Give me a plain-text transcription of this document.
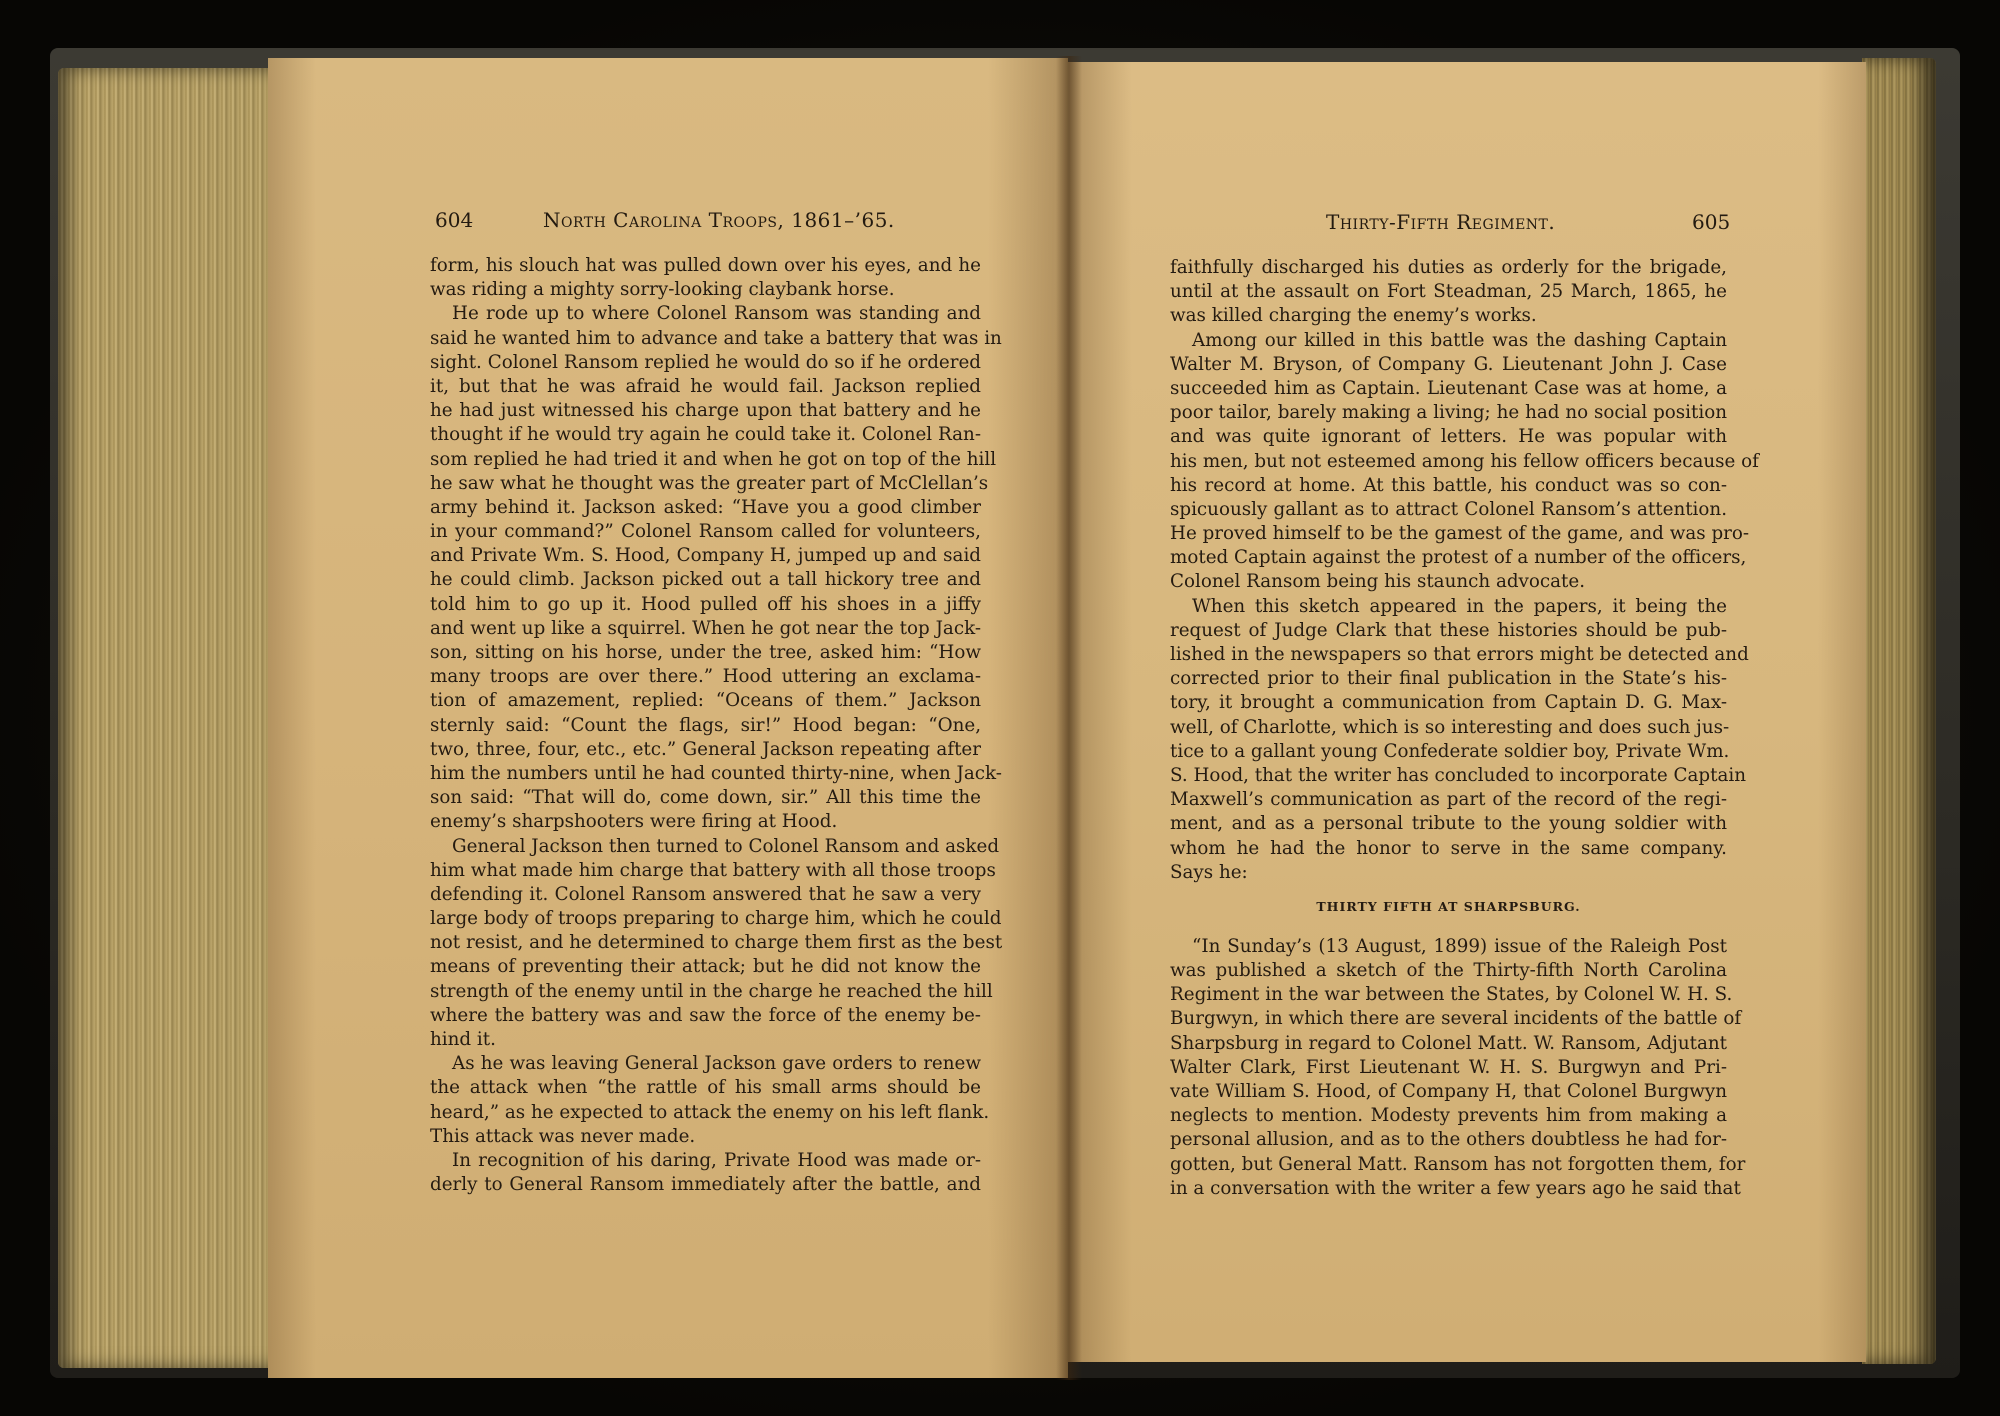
604	North Carolina Troops, 1861–’65.
form, his slouch hat was pulled down over his eyes, and he
was riding a mighty sorry-looking claybank horse.
He rode up to where Colonel Ransom was standing and
said he wanted him to advance and take a battery that was in
sight. Colonel Ransom replied he would do so if he ordered
it, but that he was afraid he would fail. Jackson replied
he had just witnessed his charge upon that battery and he
thought if he would try again he could take it. Colonel Ran-
som replied he had tried it and when he got on top of the hill
he saw what he thought was the greater part of McClellan’s
army behind it. Jackson asked: “Have you a good climber
in your command?” Colonel Ransom called for volunteers,
and Private Wm. S. Hood, Company H, jumped up and said
he could climb. Jackson picked out a tall hickory tree and
told him to go up it. Hood pulled off his shoes in a jiffy
and went up like a squirrel. When he got near the top Jack-
son, sitting on his horse, under the tree, asked him: “How
many troops are over there.” Hood uttering an exclama-
tion of amazement, replied: “Oceans of them.” Jackson
sternly said: “Count the flags, sir!” Hood began: “One,
two, three, four, etc., etc.” General Jackson repeating after
him the numbers until he had counted thirty-nine, when Jack-
son said: “That will do, come down, sir.” All this time the
enemy’s sharpshooters were firing at Hood.
General Jackson then turned to Colonel Ransom and asked
him what made him charge that battery with all those troops
defending it. Colonel Ransom answered that he saw a very
large body of troops preparing to charge him, which he could
not resist, and he determined to charge them first as the best
means of preventing their attack; but he did not know the
strength of the enemy until in the charge he reached the hill
where the battery was and saw the force of the enemy be-
hind it.
As he was leaving General Jackson gave orders to renew
the attack when “the rattle of his small arms should be
heard,” as he expected to attack the enemy on his left flank.
This attack was never made.
In recognition of his daring, Private Hood was made or-
derly to General Ransom immediately after the battle, and
Thirty-Fifth Regiment.	605
faithfully discharged his duties as orderly for the brigade,
until at the assault on Fort Steadman, 25 March, 1865, he
was killed charging the enemy’s works.
Among our killed in this battle was the dashing Captain
Walter M. Bryson, of Company G. Lieutenant John J. Case
succeeded him as Captain. Lieutenant Case was at home, a
poor tailor, barely making a living; he had no social position
and was quite ignorant of letters. He was popular with
his men, but not esteemed among his fellow officers because of
his record at home. At this battle, his conduct was so con-
spicuously gallant as to attract Colonel Ransom’s attention.
He proved himself to be the gamest of the game, and was pro-
moted Captain against the protest of a number of the officers,
Colonel Ransom being his staunch advocate.
When this sketch appeared in the papers, it being the
request of Judge Clark that these histories should be pub-
lished in the newspapers so that errors might be detected and
corrected prior to their final publication in the State’s his-
tory, it brought a communication from Captain D. G. Max-
well, of Charlotte, which is so interesting and does such jus-
tice to a gallant young Confederate soldier boy, Private Wm.
S. Hood, that the writer has concluded to incorporate Captain
Maxwell’s communication as part of the record of the regi-
ment, and as a personal tribute to the young soldier with
whom he had the honor to serve in the same company.
Says he:
THIRTY FIFTH AT SHARPSBURG.
“In Sunday’s (13 August, 1899) issue of the Raleigh Post
was published a sketch of the Thirty-fifth North Carolina
Regiment in the war between the States, by Colonel W. H. S.
Burgwyn, in which there are several incidents of the battle of
Sharpsburg in regard to Colonel Matt. W. Ransom, Adjutant
Walter Clark, First Lieutenant W. H. S. Burgwyn and Pri-
vate William S. Hood, of Company H, that Colonel Burgwyn
neglects to mention. Modesty prevents him from making a
personal allusion, and as to the others doubtless he had for-
gotten, but General Matt. Ransom has not forgotten them, for
in a conversation with the writer a few years ago he said that
